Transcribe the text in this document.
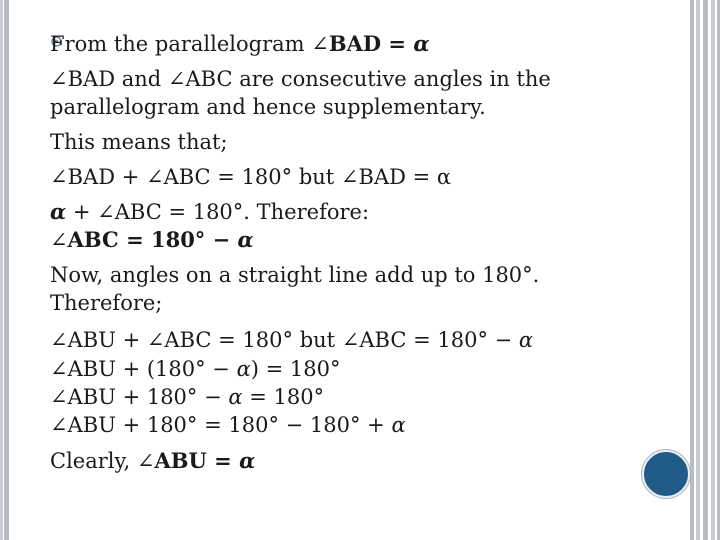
From the parallelogram ∠BAD = α
∠BAD and ∠ABC are consecutive angles in the
parallelogram and hence supplementary.
This means that;
∠BAD + ∠ABC = 180° but ∠BAD = α
α + ∠ABC = 180°. Therefore:
∠ABC = 180° − α
Now, angles on a straight line add up to 180°.
Therefore;
∠ABU + ∠ABC = 180° but ∠ABC = 180° − α
∠ABU + (180° − α) = 180°
∠ABU + 180° − α = 180°
∠ABU + 180° = 180° − 180° + α
Clearly, ∠ABU = α
